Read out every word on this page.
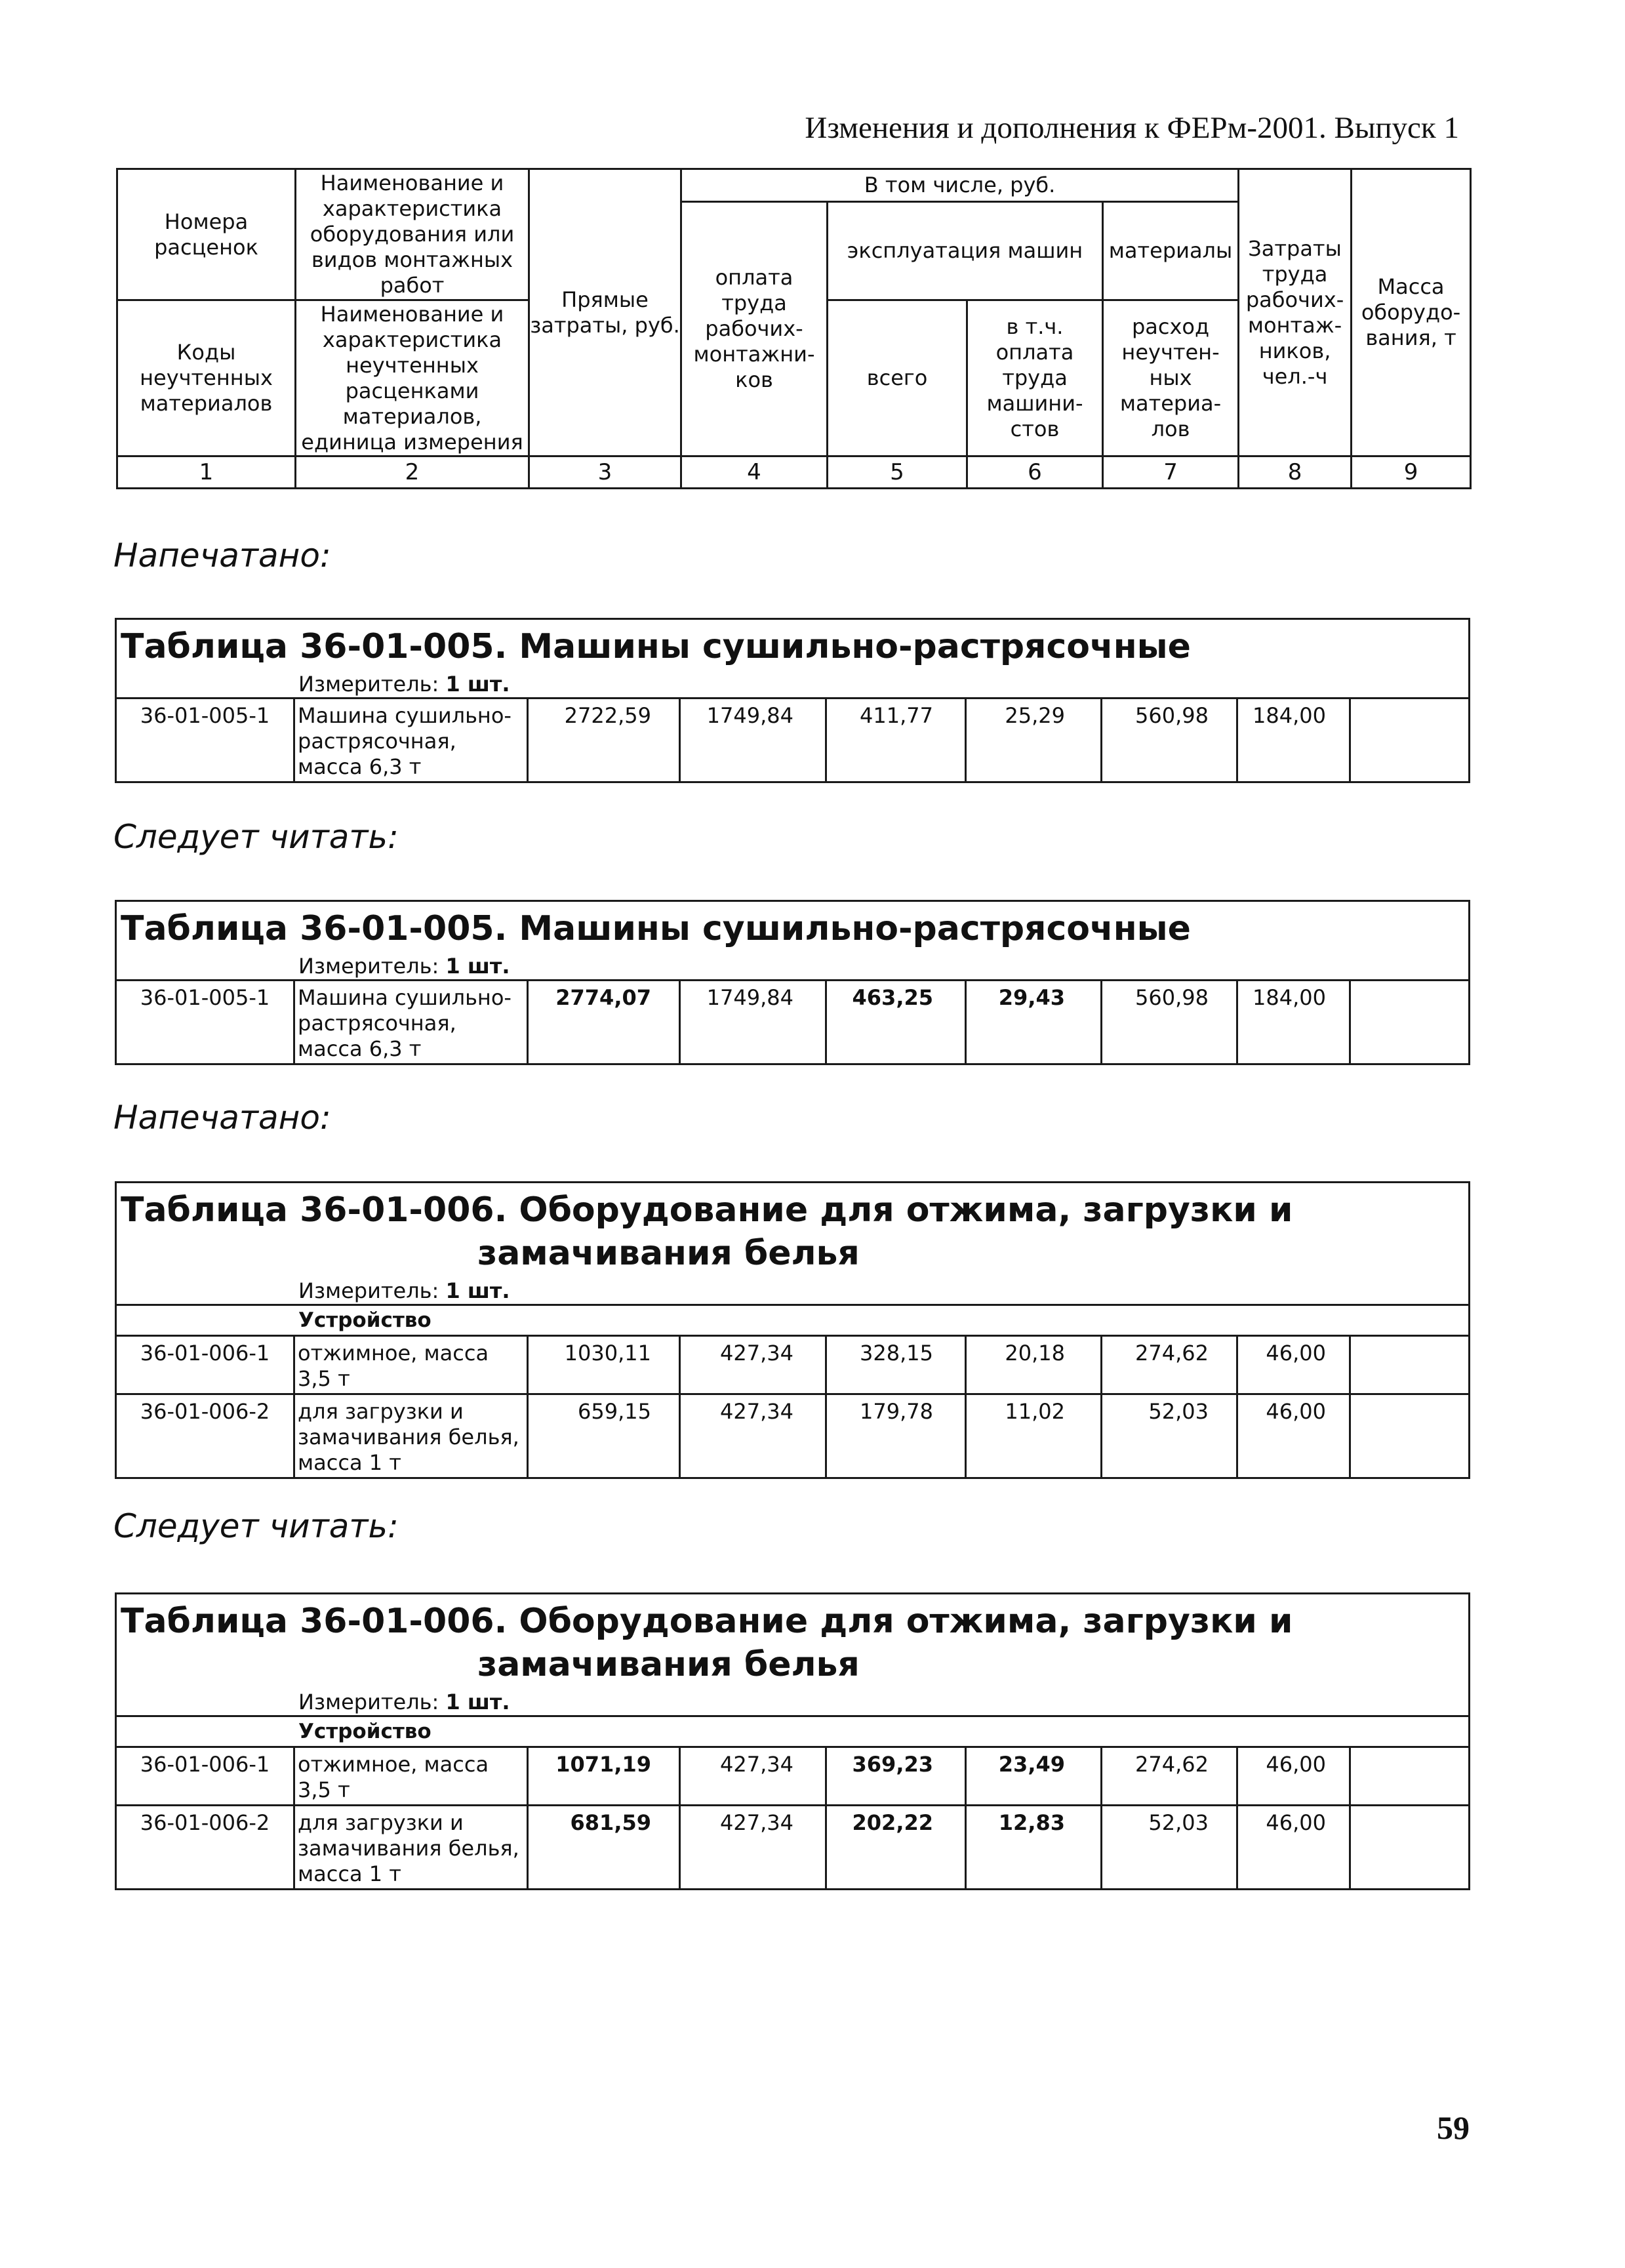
Изменения и дополнения к ФЕРм-2001. Выпуск 1
Номера расценок	Наименование и характеристика оборудования или видов монтажных работ	Прямые затраты, руб.	В том числе, руб.				Затраты труда рабочих-монтаж-ников, чел.-ч	Масса оборудо-вания, т
			оплата труда рабочих-монтажни-ков	эксплуатация машин		материалы		
Коды неучтенных материалов	Наименование и характеристика неучтенных расценками материалов, единица измерения			всего	в т.ч. оплата труда машини-стов	расход неучтен-ных материа-лов		

1	2	3	4	5	6	7	8	9
Напечатано:
Таблица 36-01-005. Машины сушильно-растрясочные

Измеритель: 1 шт.
36-01-005-1	Машина сушильно-растрясочная, масса 6,3 т	2722,59	1749,84	411,77	25,29	560,98	184,00	
Следует читать:
Таблица 36-01-005. Машины сушильно-растрясочные

Измеритель: 1 шт.
36-01-005-1	Машина сушильно-растрясочная, масса 6,3 т	2774,07	1749,84	463,25	29,43	560,98	184,00	
Напечатано:
Таблица 36-01-006. Оборудование для отжима, загрузки и
замачивания белья								

Измеритель: 1 шт.								
Устройство								
36-01-006-1	отжимное, масса 3,5 т	1030,11	427,34	328,15	20,18	274,62	46,00	
36-01-006-2	для загрузки и замачивания белья, масса 1 т	659,15	427,34	179,78	11,02	52,03	46,00	
Следует читать:
Таблица 36-01-006. Оборудование для отжима, загрузки и
замачивания белья								

Измеритель: 1 шт.								
Устройство								
36-01-006-1	отжимное, масса 3,5 т	1071,19	427,34	369,23	23,49	274,62	46,00	
36-01-006-2	для загрузки и замачивания белья, масса 1 т	681,59	427,34	202,22	12,83	52,03	46,00	
59
